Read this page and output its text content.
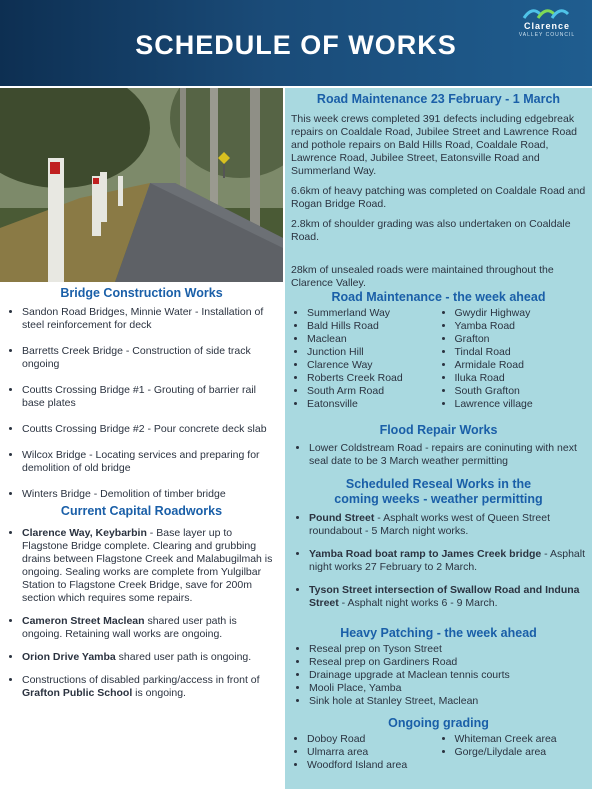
SCHEDULE OF WORKS
Clarence
VALLEY COUNCIL
Road Maintenance 23 February - 1 March

This week crews completed 391 defects including edgebreak repairs on Coaldale Road, Jubilee Street and Lawrence Road and pothole repairs on Bald Hills Road, Coaldale Road, Lawrence Road, Jubilee Street, Eatonsville Road and Summerland Way.

6.6km of heavy patching was completed on Coaldale Road and Rogan Bridge Road.

2.8km of shoulder grading was also undertaken on Coaldale Road.

28km of unsealed roads were maintained throughout the Clarence Valley.

Road Maintenance - the week ahead
• Summerland Way
• Bald Hills Road
• Maclean
• Junction Hill
• Clarence Way
• Roberts Creek Road
• South Arm Road
• Eatonsville
• Gwydir Highway
• Yamba Road
• Grafton
• Tindal Road
• Armidale Road
• Iluka Road
• South Grafton
• Lawrence village
Flood Repair Works
• Lower Coldstream Road - repairs are coninuting with next seal date to be 3 March weather permitting
Scheduled Reseal Works in the
coming weeks - weather permitting
• Pound Street - Asphalt works west of Queen Street roundabout - 5 March night works.
• Yamba Road boat ramp to James Creek bridge - Asphalt night works 27 February to 2 March.
• Tyson Street intersection of Swallow Road and Induna Street - Asphalt night works 6 - 9 March.
Heavy Patching - the week ahead
• Reseal prep on Tyson Street
• Reseal prep on Gardiners Road
• Drainage upgrade at Maclean tennis courts
• Mooli Place, Yamba
• Sink hole at Stanley Street, Maclean
Ongoing grading
• Doboy Road
• Ulmarra area
• Woodford Island area
• Whiteman Creek area
• Gorge/Lilydale area
Bridge Construction Works
• Sandon Road Bridges, Minnie Water - Installation of steel reinforcement for deck
• Barretts Creek Bridge - Construction of side track ongoing
• Coutts Crossing Bridge #1 - Grouting of barrier rail base plates
• Coutts Crossing Bridge #2 - Pour concrete deck slab
• Wilcox Bridge - Locating services and preparing for demolition of old bridge
• Winters Bridge - Demolition of timber bridge
Current Capital Roadworks
• Clarence Way, Keybarbin - Base layer up to Flagstone Bridge complete. Clearing and grubbing drains between Flagstone Creek and Malabugilmah is ongoing. Sealing works are complete from Yulgilbar Station to Flagstone Creek Bridge, save for 200m section which requires some repairs.
• Cameron Street Maclean shared user path is ongoing. Retaining wall works are ongoing.
• Orion Drive Yamba shared user path is ongoing.
• Constructions of disabled parking/access in front of Grafton Public School is ongoing.
